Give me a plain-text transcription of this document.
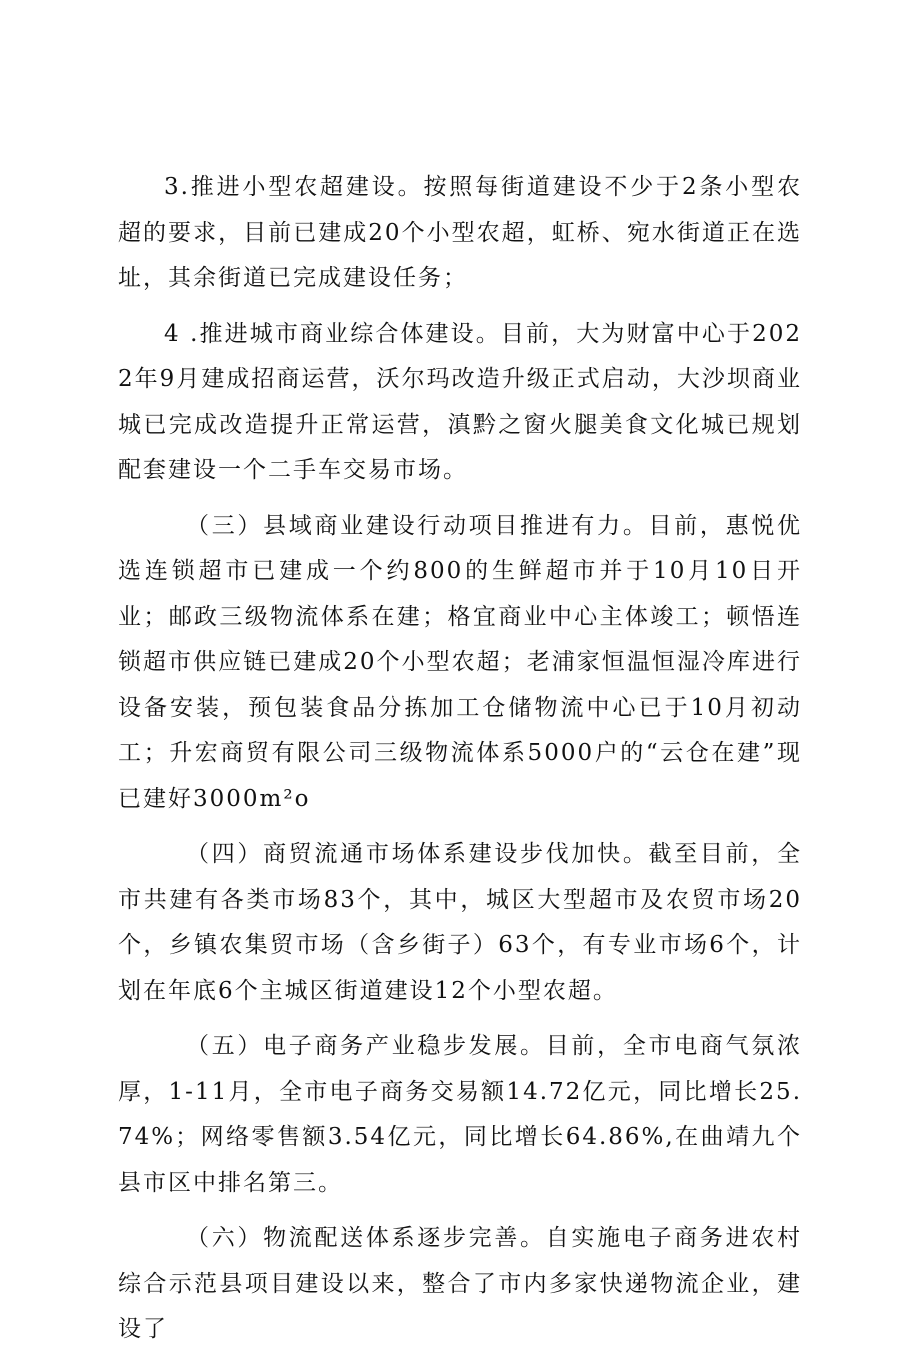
3.推进小型农超建设。按照每街道建设不少于2条小型农超的要求，目前已建成20个小型农超，虹桥、宛水街道正在选址，其余街道已完成建设任务；

4 .推进城市商业综合体建设。目前，大为财富中心于2022年9月建成招商运营，沃尔玛改造升级正式启动，大沙坝商业城已完成改造提升正常运营，滇黔之窗火腿美食文化城已规划配套建设一个二手车交易市场。

（三）县域商业建设行动项目推进有力。目前，惠悦优选连锁超市已建成一个约800的生鲜超市并于10月10日开业；邮政三级物流体系在建；格宜商业中心主体竣工；顿悟连锁超市供应链已建成20个小型农超；老浦家恒温恒湿冷库进行设备安装，预包装食品分拣加工仓储物流中心已于10月初动工；升宏商贸有限公司三级物流体系5000户的“云仓在建”现已建好3000m²o

（四）商贸流通市场体系建设步伐加快。截至目前，全市共建有各类市场83个，其中，城区大型超市及农贸市场20个，乡镇农集贸市场（含乡街子）63个，有专业市场6个，计划在年底6个主城区街道建设12个小型农超。

（五）电子商务产业稳步发展。目前，全市电商气氛浓厚，1-11月，全市电子商务交易额14.72亿元，同比增长25.74%；网络零售额3.54亿元，同比增长64.86%,在曲靖九个县市区中排名第三。

（六）物流配送体系逐步完善。自实施电子商务进农村综合示范县项目建设以来，整合了市内多家快递物流企业，建设了
